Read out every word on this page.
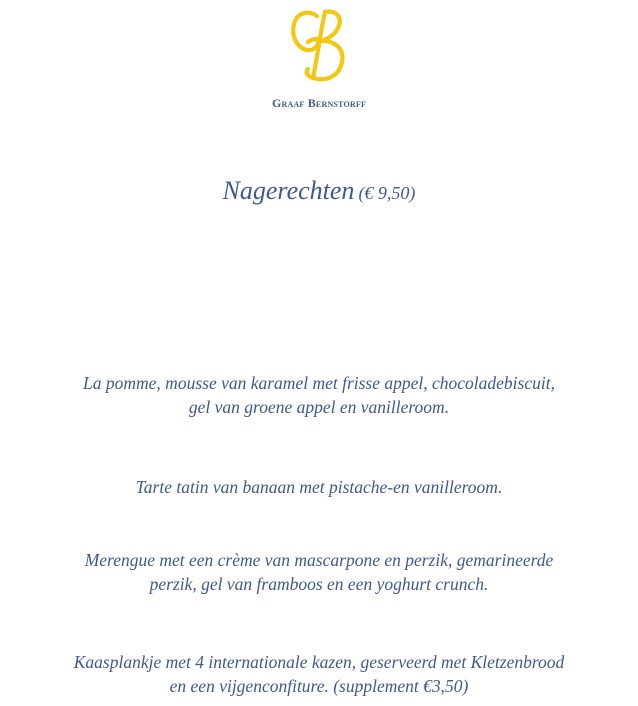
Graaf Bernstorff
Nagerechten (€ 9,50)
La pomme, mousse van karamel met frisse appel, chocoladebiscuit,
gel van groene appel en vanilleroom.
Tarte tatin van banaan met pistache-en vanilleroom.
Merengue met een crème van mascarpone en perzik, gemarineerde
perzik, gel van framboos en een yoghurt crunch.
Kaasplankje met 4 internationale kazen, geserveerd met Kletzenbrood
en een vijgenconfiture. (supplement €3,50)
